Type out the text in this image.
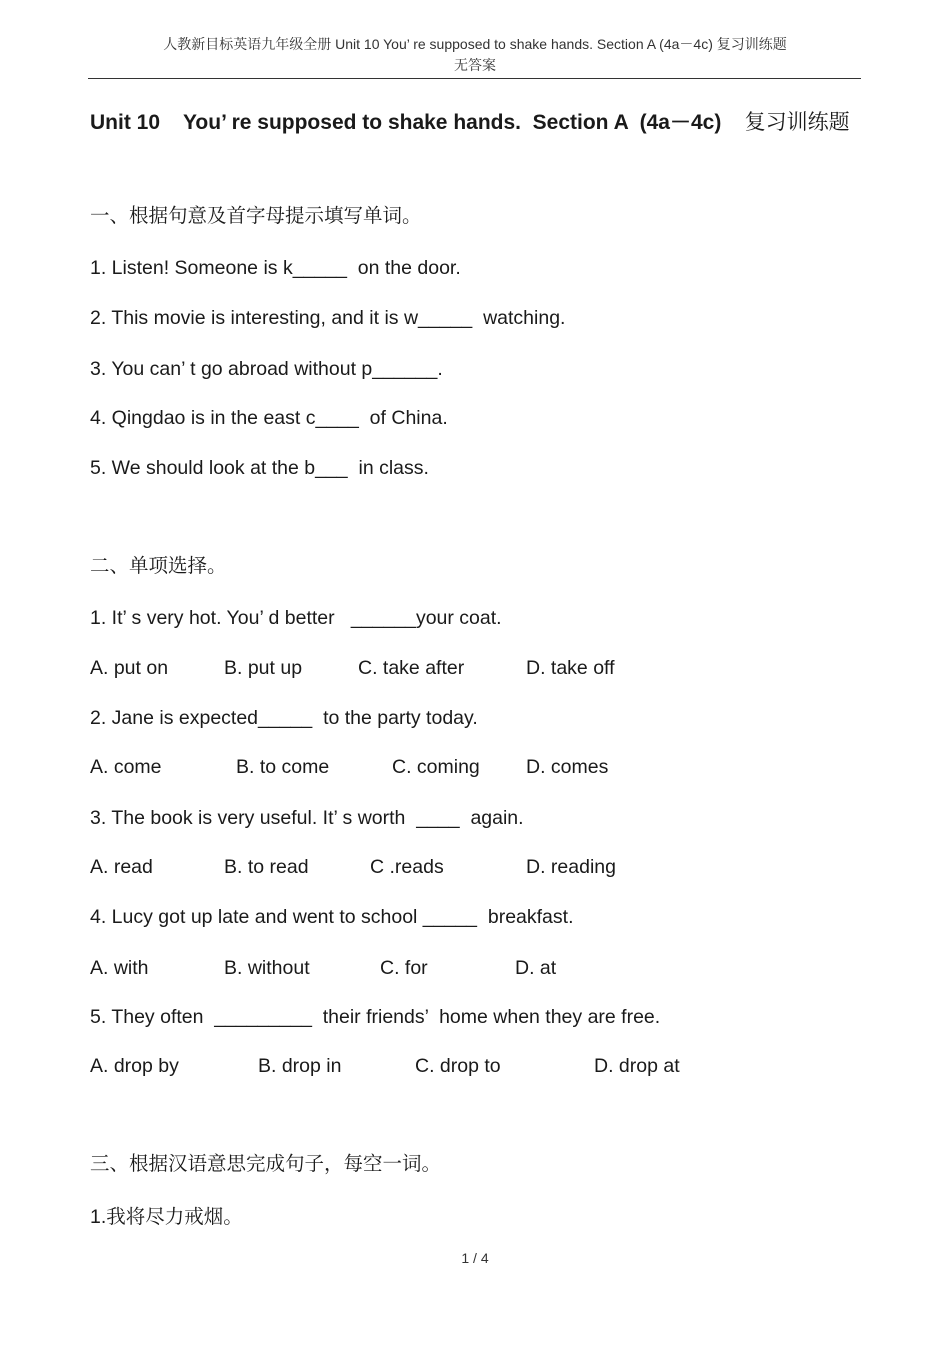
人教新目标英语九年级全册 Unit 10 You’ re supposed to shake hands. Section A (4a－4c) 复习训练题
无答案
Unit 10    You’ re supposed to shake hands.  Section A  (4a－4c) 复习训练题
一、根据句意及首字母提示填写单词。
1. Listen! Someone is k_____  on the door.
2. This movie is interesting, and it is w_____  watching.
3. You can’ t go abroad without p______.
4. Qingdao is in the east c____  of China.
5. We should look at the b___  in class.
二、单项选择。
1. It’ s very hot. You’ d better   ______your coat.
A. put on	B. put up	C. take after	D. take off
2. Jane is expected_____  to the party today.
A. come	B. to come	C. coming D. comes
3. The book is very useful. It’ s worth  ____  again.
A. read	B. to read	C .reads	D. reading
4. Lucy got up late and went to school _____  breakfast.
A. with	B. without	C. for	D. at
5. They often  _________  their friends’  home when they are free.
A. drop by	B. drop in	C. drop to	D. drop at
三、根据汉语意思完成句子，每空一词。
1.我将尽力戒烟。
1 / 4
